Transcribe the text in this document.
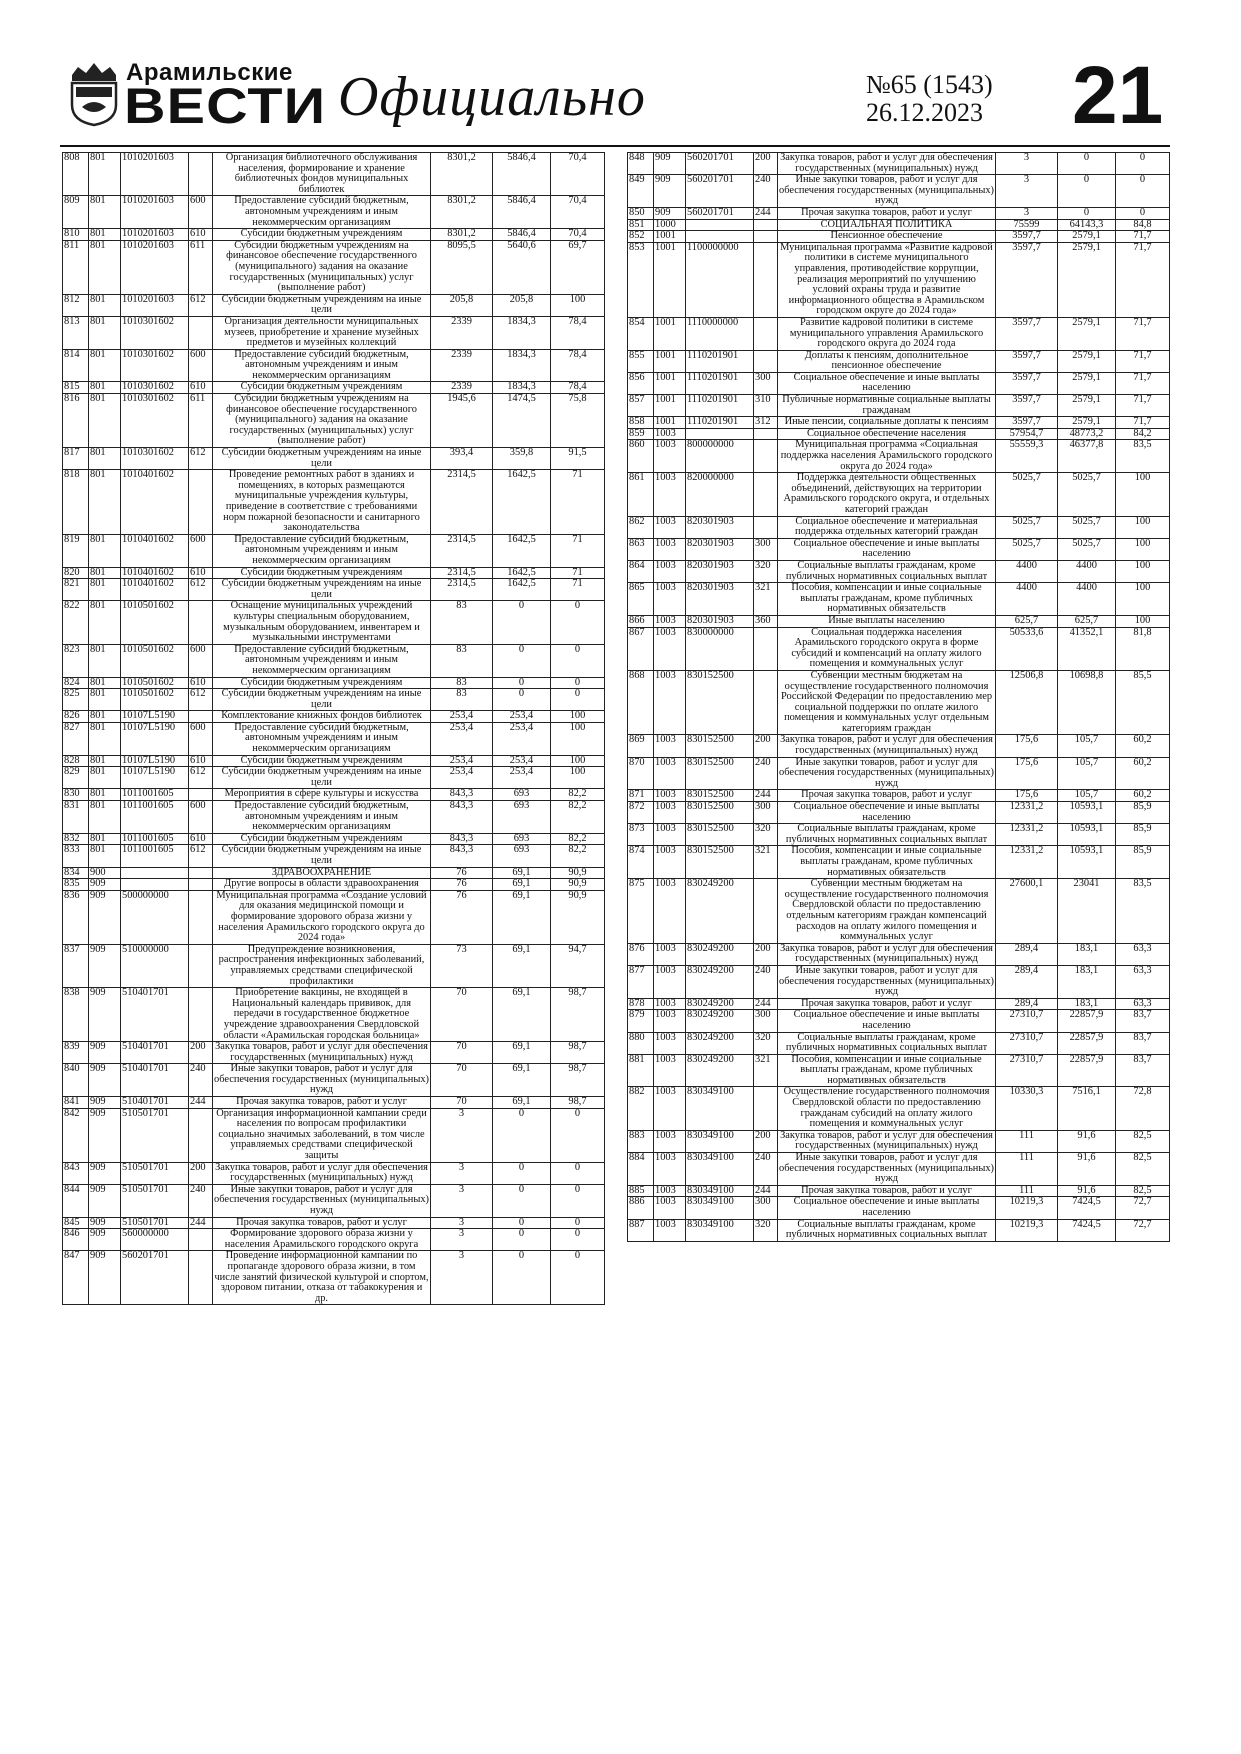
Арамильские
ВЕСТИ Официально	№65 (1543)
26.12.2023 21
808	801	1010201603		Организация библиотечного обслуживания населения, формирование и хранение библиотечных фондов муниципальных библиотек	8301,2	5846,4	70,4
809	801	1010201603	600	Предоставление субсидий бюджетным, автономным учреждениям и иным некоммерческим организациям	8301,2	5846,4	70,4
810	801	1010201603	610	Субсидии бюджетным учреждениям	8301,2	5846,4	70,4
811	801	1010201603	611	Субсидии бюджетным учреждениям на финансовое обеспечение государственного (муниципального) задания на оказание государственных (муниципальных) услуг (выполнение работ)	8095,5	5640,6	69,7
812	801	1010201603	612	Субсидии бюджетным учреждениям на иные цели	205,8	205,8	100
813	801	1010301602		Организация деятельности муниципальных музеев, приобретение и хранение музейных предметов и музейных коллекций	2339	1834,3	78,4
814	801	1010301602	600	Предоставление субсидий бюджетным, автономным учреждениям и иным некоммерческим организациям	2339	1834,3	78,4
815	801	1010301602	610	Субсидии бюджетным учреждениям	2339	1834,3	78,4
816	801	1010301602	611	Субсидии бюджетным учреждениям на финансовое обеспечение государственного (муниципального) задания на оказание государственных (муниципальных) услуг (выполнение работ)	1945,6	1474,5	75,8
817	801	1010301602	612	Субсидии бюджетным учреждениям на иные цели	393,4	359,8	91,5
818	801	1010401602		Проведение ремонтных работ в зданиях и помещениях, в которых размещаются муниципальные учреждения культуры, приведение в соответствие с требованиями норм пожарной безопасности и санитарного законодательства	2314,5	1642,5	71
819	801	1010401602	600	Предоставление субсидий бюджетным, автономным учреждениям и иным некоммерческим организациям	2314,5	1642,5	71
820	801	1010401602	610	Субсидии бюджетным учреждениям	2314,5	1642,5	71
821	801	1010401602	612	Субсидии бюджетным учреждениям на иные цели	2314,5	1642,5	71
822	801	1010501602		Оснащение муниципальных учреждений культуры специальным оборудованием, музыкальным оборудованием, инвентарем и музыкальными инструментами	83	0	0
823	801	1010501602	600	Предоставление субсидий бюджетным, автономным учреждениям и иным некоммерческим организациям	83	0	0
824	801	1010501602	610	Субсидии бюджетным учреждениям	83	0	0
825	801	1010501602	612	Субсидии бюджетным учреждениям на иные цели	83	0	0
826	801	10107L5190		Комплектование книжных фондов библиотек	253,4	253,4	100
827	801	10107L5190	600	Предоставление субсидий бюджетным, автономным учреждениям и иным некоммерческим организациям	253,4	253,4	100
828	801	10107L5190	610	Субсидии бюджетным учреждениям	253,4	253,4	100
829	801	10107L5190	612	Субсидии бюджетным учреждениям на иные цели	253,4	253,4	100
830	801	1011001605		Мероприятия в сфере культуры и искусства	843,3	693	82,2
831	801	1011001605	600	Предоставление субсидий бюджетным, автономным учреждениям и иным некоммерческим организациям	843,3	693	82,2
832	801	1011001605	610	Субсидии бюджетным учреждениям	843,3	693	82,2
833	801	1011001605	612	Субсидии бюджетным учреждениям на иные цели	843,3	693	82,2
834	900			ЗДРАВООХРАНЕНИЕ	76	69,1	90,9
835	909			Другие вопросы в области здравоохранения	76	69,1	90,9
836	909	500000000		Муниципальная программа «Создание условий для оказания медицинской помощи и формирование здорового образа жизни у населения Арамильского городского округа до 2024 года»	76	69,1	90,9
837	909	510000000		Предупреждение возникновения, распространения инфекционных заболеваний, управляемых средствами специфической профилактики	73	69,1	94,7
838	909	510401701		Приобретение вакцины, не входящей в Национальный календарь прививок, для передачи в государственное бюджетное учреждение здравоохранения Свердловской области «Арамильская городская больница»	70	69,1	98,7
839	909	510401701	200	Закупка товаров, работ и услуг для обеспечения государственных (муниципальных) нужд	70	69,1	98,7
840	909	510401701	240	Иные закупки товаров, работ и услуг для обеспечения государственных (муниципальных) нужд	70	69,1	98,7
841	909	510401701	244	Прочая закупка товаров, работ и услуг	70	69,1	98,7
842	909	510501701		Организация информационной кампании среди населения по вопросам профилактики социально значимых заболеваний, в том числе управляемых средствами специфической защиты	3	0	0
843	909	510501701	200	Закупка товаров, работ и услуг для обеспечения государственных (муниципальных) нужд	3	0	0
844	909	510501701	240	Иные закупки товаров, работ и услуг для обеспечения государственных (муниципальных) нужд	3	0	0
845	909	510501701	244	Прочая закупка товаров, работ и услуг	3	0	0
846	909	560000000		Формирование здорового образа жизни у населения Арамильского городского округа	3	0	0
847	909	560201701		Проведение информационной кампании по пропаганде здорового образа жизни, в том числе занятий физической культурой и спортом, здоровом питании, отказа от табакокурения и др.	3	0	0
848	909	560201701	200	Закупка товаров, работ и услуг для обеспечения государственных (муниципальных) нужд	3	0	0
849	909	560201701	240	Иные закупки товаров, работ и услуг для обеспечения государственных (муниципальных) нужд	3	0	0
850	909	560201701	244	Прочая закупка товаров, работ и услуг	3	0	0
851	1000			СОЦИАЛЬНАЯ ПОЛИТИКА	75599	64143,3	84,8
852	1001			Пенсионное обеспечение	3597,7	2579,1	71,7
853	1001	1100000000		Муниципальная программа «Развитие кадровой политики в системе муниципального управления, противодействие коррупции, реализация мероприятий по улучшению условий охраны труда и развитие информационного общества в Арамильском городском округе до 2024 года»	3597,7	2579,1	71,7
854	1001	1110000000		Развитие кадровой политики в системе муниципального управления Арамильского городского округа до 2024 года	3597,7	2579,1	71,7
855	1001	1110201901		Доплаты к пенсиям, дополнительное пенсионное обеспечение	3597,7	2579,1	71,7
856	1001	1110201901	300	Социальное обеспечение и иные выплаты населению	3597,7	2579,1	71,7
857	1001	1110201901	310	Публичные нормативные социальные выплаты гражданам	3597,7	2579,1	71,7
858	1001	1110201901	312	Иные пенсии, социальные доплаты к пенсиям	3597,7	2579,1	71,7
859	1003			Социальное обеспечение населения	57954,7	48773,2	84,2
860	1003	800000000		Муниципальная программа «Социальная поддержка населения Арамильского городского округа до 2024 года»	55559,3	46377,8	83,5
861	1003	820000000		Поддержка деятельности общественных объединений, действующих на территории Арамильского городского округа, и отдельных категорий граждан	5025,7	5025,7	100
862	1003	820301903		Социальное обеспечение и материальная поддержка отдельных категорий граждан	5025,7	5025,7	100
863	1003	820301903	300	Социальное обеспечение и иные выплаты населению	5025,7	5025,7	100
864	1003	820301903	320	Социальные выплаты гражданам, кроме публичных нормативных социальных выплат	4400	4400	100
865	1003	820301903	321	Пособия, компенсации и иные социальные выплаты гражданам, кроме публичных нормативных обязательств	4400	4400	100
866	1003	820301903	360	Иные выплаты населению	625,7	625,7	100
867	1003	830000000		Социальная поддержка населения Арамильского городского округа в форме субсидий и компенсаций на оплату жилого помещения и коммунальных услуг	50533,6	41352,1	81,8
868	1003	830152500		Субвенции местным бюджетам на осуществление государственного полномочия Российской Федерации по предоставлению мер социальной поддержки по оплате жилого помещения и коммунальных услуг отдельным категориям граждан	12506,8	10698,8	85,5
869	1003	830152500	200	Закупка товаров, работ и услуг для обеспечения государственных (муниципальных) нужд	175,6	105,7	60,2
870	1003	830152500	240	Иные закупки товаров, работ и услуг для обеспечения государственных (муниципальных) нужд	175,6	105,7	60,2
871	1003	830152500	244	Прочая закупка товаров, работ и услуг	175,6	105,7	60,2
872	1003	830152500	300	Социальное обеспечение и иные выплаты населению	12331,2	10593,1	85,9
873	1003	830152500	320	Социальные выплаты гражданам, кроме публичных нормативных социальных выплат	12331,2	10593,1	85,9
874	1003	830152500	321	Пособия, компенсации и иные социальные выплаты гражданам, кроме публичных нормативных обязательств	12331,2	10593,1	85,9
875	1003	830249200		Субвенции местным бюджетам на осуществление государственного полномочия Свердловской области по предоставлению отдельным категориям граждан компенсаций расходов на оплату жилого помещения и коммунальных услуг	27600,1	23041	83,5
876	1003	830249200	200	Закупка товаров, работ и услуг для обеспечения государственных (муниципальных) нужд	289,4	183,1	63,3
877	1003	830249200	240	Иные закупки товаров, работ и услуг для обеспечения государственных (муниципальных) нужд	289,4	183,1	63,3
878	1003	830249200	244	Прочая закупка товаров, работ и услуг	289,4	183,1	63,3
879	1003	830249200	300	Социальное обеспечение и иные выплаты населению	27310,7	22857,9	83,7
880	1003	830249200	320	Социальные выплаты гражданам, кроме публичных нормативных социальных выплат	27310,7	22857,9	83,7
881	1003	830249200	321	Пособия, компенсации и иные социальные выплаты гражданам, кроме публичных нормативных обязательств	27310,7	22857,9	83,7
882	1003	830349100		Осуществление государственного полномочия Свердловской области по предоставлению гражданам субсидий на оплату жилого помещения и коммунальных услуг	10330,3	7516,1	72,8
883	1003	830349100	200	Закупка товаров, работ и услуг для обеспечения государственных (муниципальных) нужд	111	91,6	82,5
884	1003	830349100	240	Иные закупки товаров, работ и услуг для обеспечения государственных (муниципальных) нужд	111	91,6	82,5
885	1003	830349100	244	Прочая закупка товаров, работ и услуг	111	91,6	82,5
886	1003	830349100	300	Социальное обеспечение и иные выплаты населению	10219,3	7424,5	72,7
887	1003	830349100	320	Социальные выплаты гражданам, кроме публичных нормативных социальных выплат	10219,3	7424,5	72,7
